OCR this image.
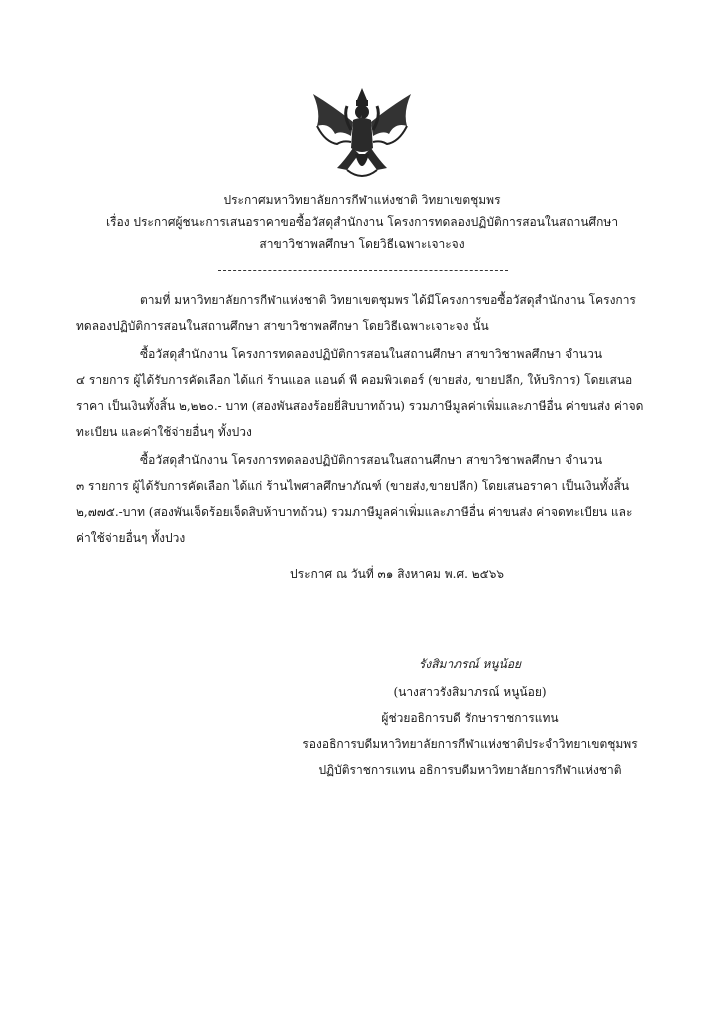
ประกาศมหาวิทยาลัยการกีฬาแห่งชาติ วิทยาเขตชุมพร
เรื่อง ประกาศผู้ชนะการเสนอราคาขอซื้อวัสดุสำนักงาน โครงการทดลองปฏิบัติการสอนในสถานศึกษา
สาขาวิชาพลศึกษา โดยวิธีเฉพาะเจาะจง
ตามที่ มหาวิทยาลัยการกีฬาแห่งชาติ วิทยาเขตชุมพร ได้มีโครงการขอซื้อวัสดุสำนักงาน โครงการ
ทดลองปฏิบัติการสอนในสถานศึกษา สาขาวิชาพลศึกษา โดยวิธีเฉพาะเจาะจง นั้น
ซื้อวัสดุสำนักงาน โครงการทดลองปฏิบัติการสอนในสถานศึกษา สาขาวิชาพลศึกษา จำนวน
๔ รายการ ผู้ได้รับการคัดเลือก ได้แก่ ร้านแอล แอนด์ พี คอมพิวเตอร์ (ขายส่ง, ขายปลีก, ให้บริการ) โดยเสนอ
ราคา เป็นเงินทั้งสิ้น ๒,๒๒๐.- บาท (สองพันสองร้อยยี่สิบบาทถ้วน) รวมภาษีมูลค่าเพิ่มและภาษีอื่น ค่าขนส่ง ค่าจด
ทะเบียน และค่าใช้จ่ายอื่นๆ ทั้งปวง
ซื้อวัสดุสำนักงาน โครงการทดลองปฏิบัติการสอนในสถานศึกษา สาขาวิชาพลศึกษา จำนวน
๓ รายการ ผู้ได้รับการคัดเลือก ได้แก่ ร้านไพศาลศึกษาภัณฑ์ (ขายส่ง,ขายปลีก) โดยเสนอราคา เป็นเงินทั้งสิ้น
๒,๗๗๕.-บาท (สองพันเจ็ดร้อยเจ็ดสิบห้าบาทถ้วน) รวมภาษีมูลค่าเพิ่มและภาษีอื่น ค่าขนส่ง ค่าจดทะเบียน และ
ค่าใช้จ่ายอื่นๆ ทั้งปวง
ประกาศ ณ วันที่ ๓๑ สิงหาคม พ.ศ. ๒๕๖๖
รังสิมาภรณ์ หนูน้อย
(นางสาวรังสิมาภรณ์ หนูน้อย)
ผู้ช่วยอธิการบดี รักษาราชการแทน
รองอธิการบดีมหาวิทยาลัยการกีฬาแห่งชาติประจำวิทยาเขตชุมพร
ปฏิบัติราชการแทน อธิการบดีมหาวิทยาลัยการกีฬาแห่งชาติ
